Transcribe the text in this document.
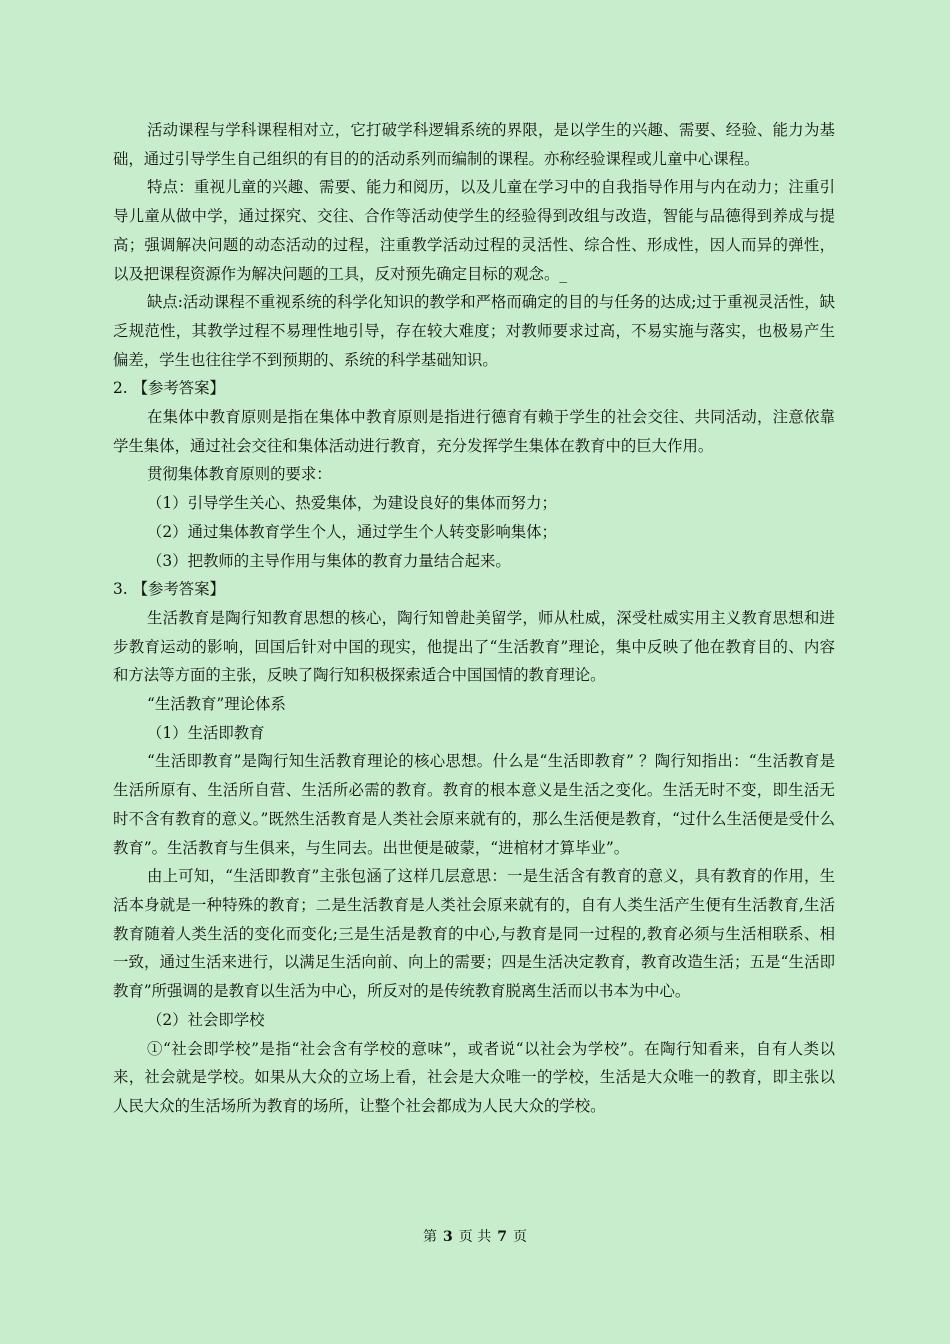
活动课程与学科课程相对立，它打破学科逻辑系统的界限，是以学生的兴趣、需要、经验、能力为基础，通过引导学生自己组织的有目的的活动系列而编制的课程。亦称经验课程或儿童中心课程。

特点：重视儿童的兴趣、需要、能力和阅历，以及儿童在学习中的自我指导作用与内在动力；注重引导儿童从做中学，通过探究、交往、合作等活动使学生的经验得到改组与改造，智能与品德得到养成与提高；强调解决问题的动态活动的过程，注重教学活动过程的灵活性、综合性、形成性，因人而异的弹性，以及把课程资源作为解决问题的工具，反对预先确定目标的观念。_

缺点:活动课程不重视系统的科学化知识的教学和严格而确定的目的与任务的达成;过于重视灵活性，缺乏规范性，其教学过程不易理性地引导，存在较大难度；对教师要求过高，不易实施与落实，也极易产生偏差，学生也往往学不到预期的、系统的科学基础知识。

2. 【参考答案】

在集体中教育原则是指在集体中教育原则是指进行德育有赖于学生的社会交往、共同活动，注意依靠学生集体，通过社会交往和集体活动进行教育，充分发挥学生集体在教育中的巨大作用。

贯彻集体教育原则的要求：

（1）引导学生关心、热爱集体，为建设良好的集体而努力；

（2）通过集体教育学生个人，通过学生个人转变影响集体；

（3）把教师的主导作用与集体的教育力量结合起来。

3. 【参考答案】

生活教育是陶行知教育思想的核心，陶行知曾赴美留学，师从杜威，深受杜威实用主义教育思想和进步教育运动的影响，回国后针对中国的现实，他提出了“生活教育”理论，集中反映了他在教育目的、内容和方法等方面的主张，反映了陶行知积极探索适合中国国情的教育理论。

“生活教育”理论体系

（1）生活即教育

“生活即教育”是陶行知生活教育理论的核心思想。什么是“生活即教育” ？陶行知指出：“生活教育是生活所原有、生活所自营、生活所必需的教育。教育的根本意义是生活之变化。生活无时不变，即生活无时不含有教育的意义。”既然生活教育是人类社会原来就有的，那么生活便是教育，“过什么生活便是受什么教育”。生活教育与生俱来，与生同去。出世便是破蒙，“进棺材才算毕业”。

由上可知，“生活即教育”主张包涵了这样几层意思：一是生活含有教育的意义，具有教育的作用，生活本身就是一种特殊的教育；二是生活教育是人类社会原来就有的，自有人类生活产生便有生活教育,生活教育随着人类生活的变化而变化;三是生活是教育的中心,与教育是同一过程的,教育必须与生活相联系、相一致，通过生活来进行，以满足生活向前、向上的需要；四是生活决定教育，教育改造生活；五是“生活即教育”所强调的是教育以生活为中心，所反对的是传统教育脱离生活而以书本为中心。

（2）社会即学校

①“社会即学校”是指“社会含有学校的意味”，或者说“以社会为学校”。在陶行知看来，自有人类以来，社会就是学校。如果从大众的立场上看，社会是大众唯一的学校，生活是大众唯一的教育，即主张以人民大众的生活场所为教育的场所，让整个社会都成为人民大众的学校。

第 3 页 共 7 页
